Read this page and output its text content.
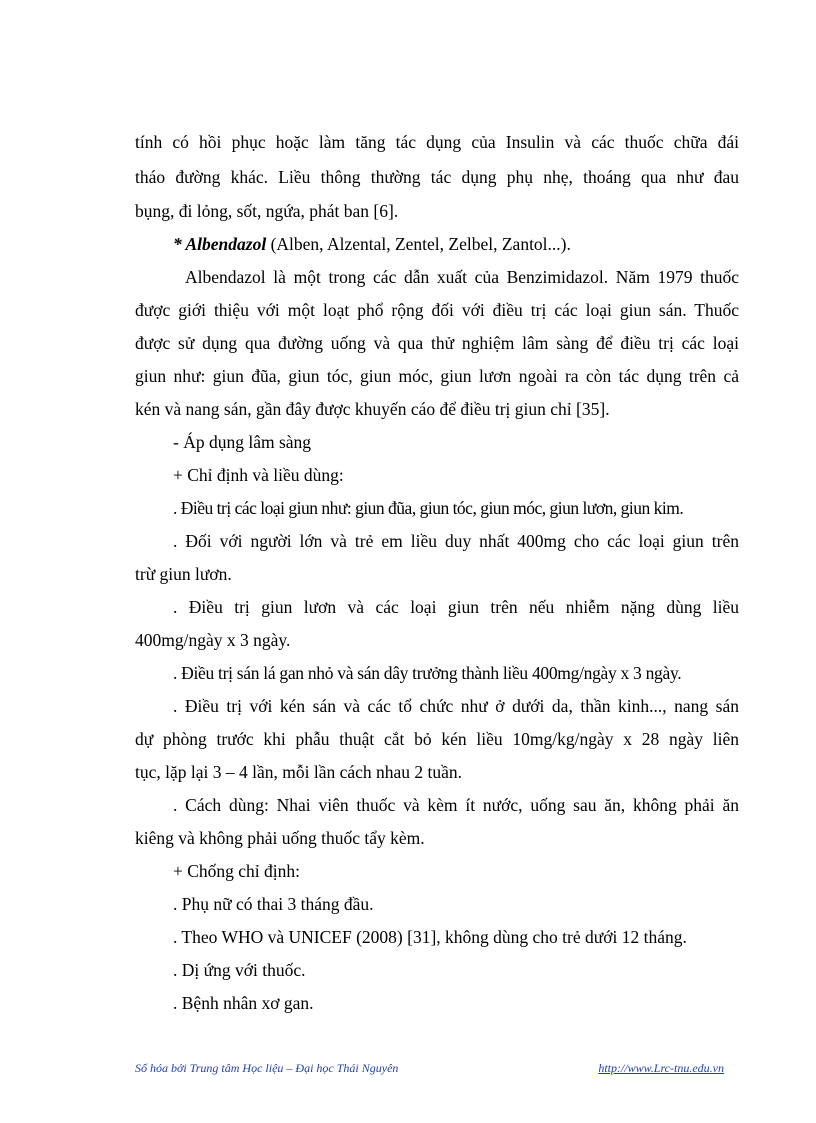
tính có hồi phục hoặc làm tăng tác dụng của Insulin và các thuốc chữa đái
tháo đường khác. Liều thông thường tác dụng phụ nhẹ, thoáng qua như đau
bụng, đi lỏng, sốt, ngứa, phát ban [6].
* Albendazol (Alben, Alzental, Zentel, Zelbel, Zantol...).
Albendazol là một trong các dẫn xuất của Benzimidazol. Năm 1979 thuốc
được giới thiệu với một loạt phổ rộng đối với điều trị các loại giun sán. Thuốc
được sử dụng qua đường uống và qua thử nghiệm lâm sàng để điều trị các loại
giun như: giun đũa, giun tóc, giun móc, giun lươn ngoài ra còn tác dụng trên cả
kén và nang sán, gần đây được khuyến cáo để điều trị giun chỉ [35].
- Áp dụng lâm sàng
+ Chỉ định và liều dùng:
. Điều trị các loại giun như: giun đũa, giun tóc, giun móc, giun lươn, giun kim.
. Đối với người lớn và trẻ em liều duy nhất 400mg cho các loại giun trên
trừ giun lươn.
. Điều trị giun lươn và các loại giun trên nếu nhiễm nặng dùng liều
400mg/ngày x 3 ngày.
. Điều trị sán lá gan nhỏ và sán dây trưởng thành liều 400mg/ngày x 3 ngày.
. Điều trị với kén sán và các tổ chức như ở dưới da, thần kinh..., nang sán
dự phòng trước khi phẫu thuật cắt bỏ kén liều 10mg/kg/ngày x 28 ngày liên
tục, lặp lại 3 – 4 lần, mỗi lần cách nhau 2 tuần.
. Cách dùng: Nhai viên thuốc và kèm ít nước, uống sau ăn, không phải ăn
kiêng và không phải uống thuốc tẩy kèm.
+ Chống chỉ định:
. Phụ nữ có thai 3 tháng đầu.
. Theo WHO và UNICEF (2008) [31], không dùng cho trẻ dưới 12 tháng.
. Dị ứng với thuốc.
. Bệnh nhân xơ gan.
Số hóa bởi Trung tâm Học liệu – Đại học Thái Nguyên	http://www.Lrc-tnu.edu.vn
